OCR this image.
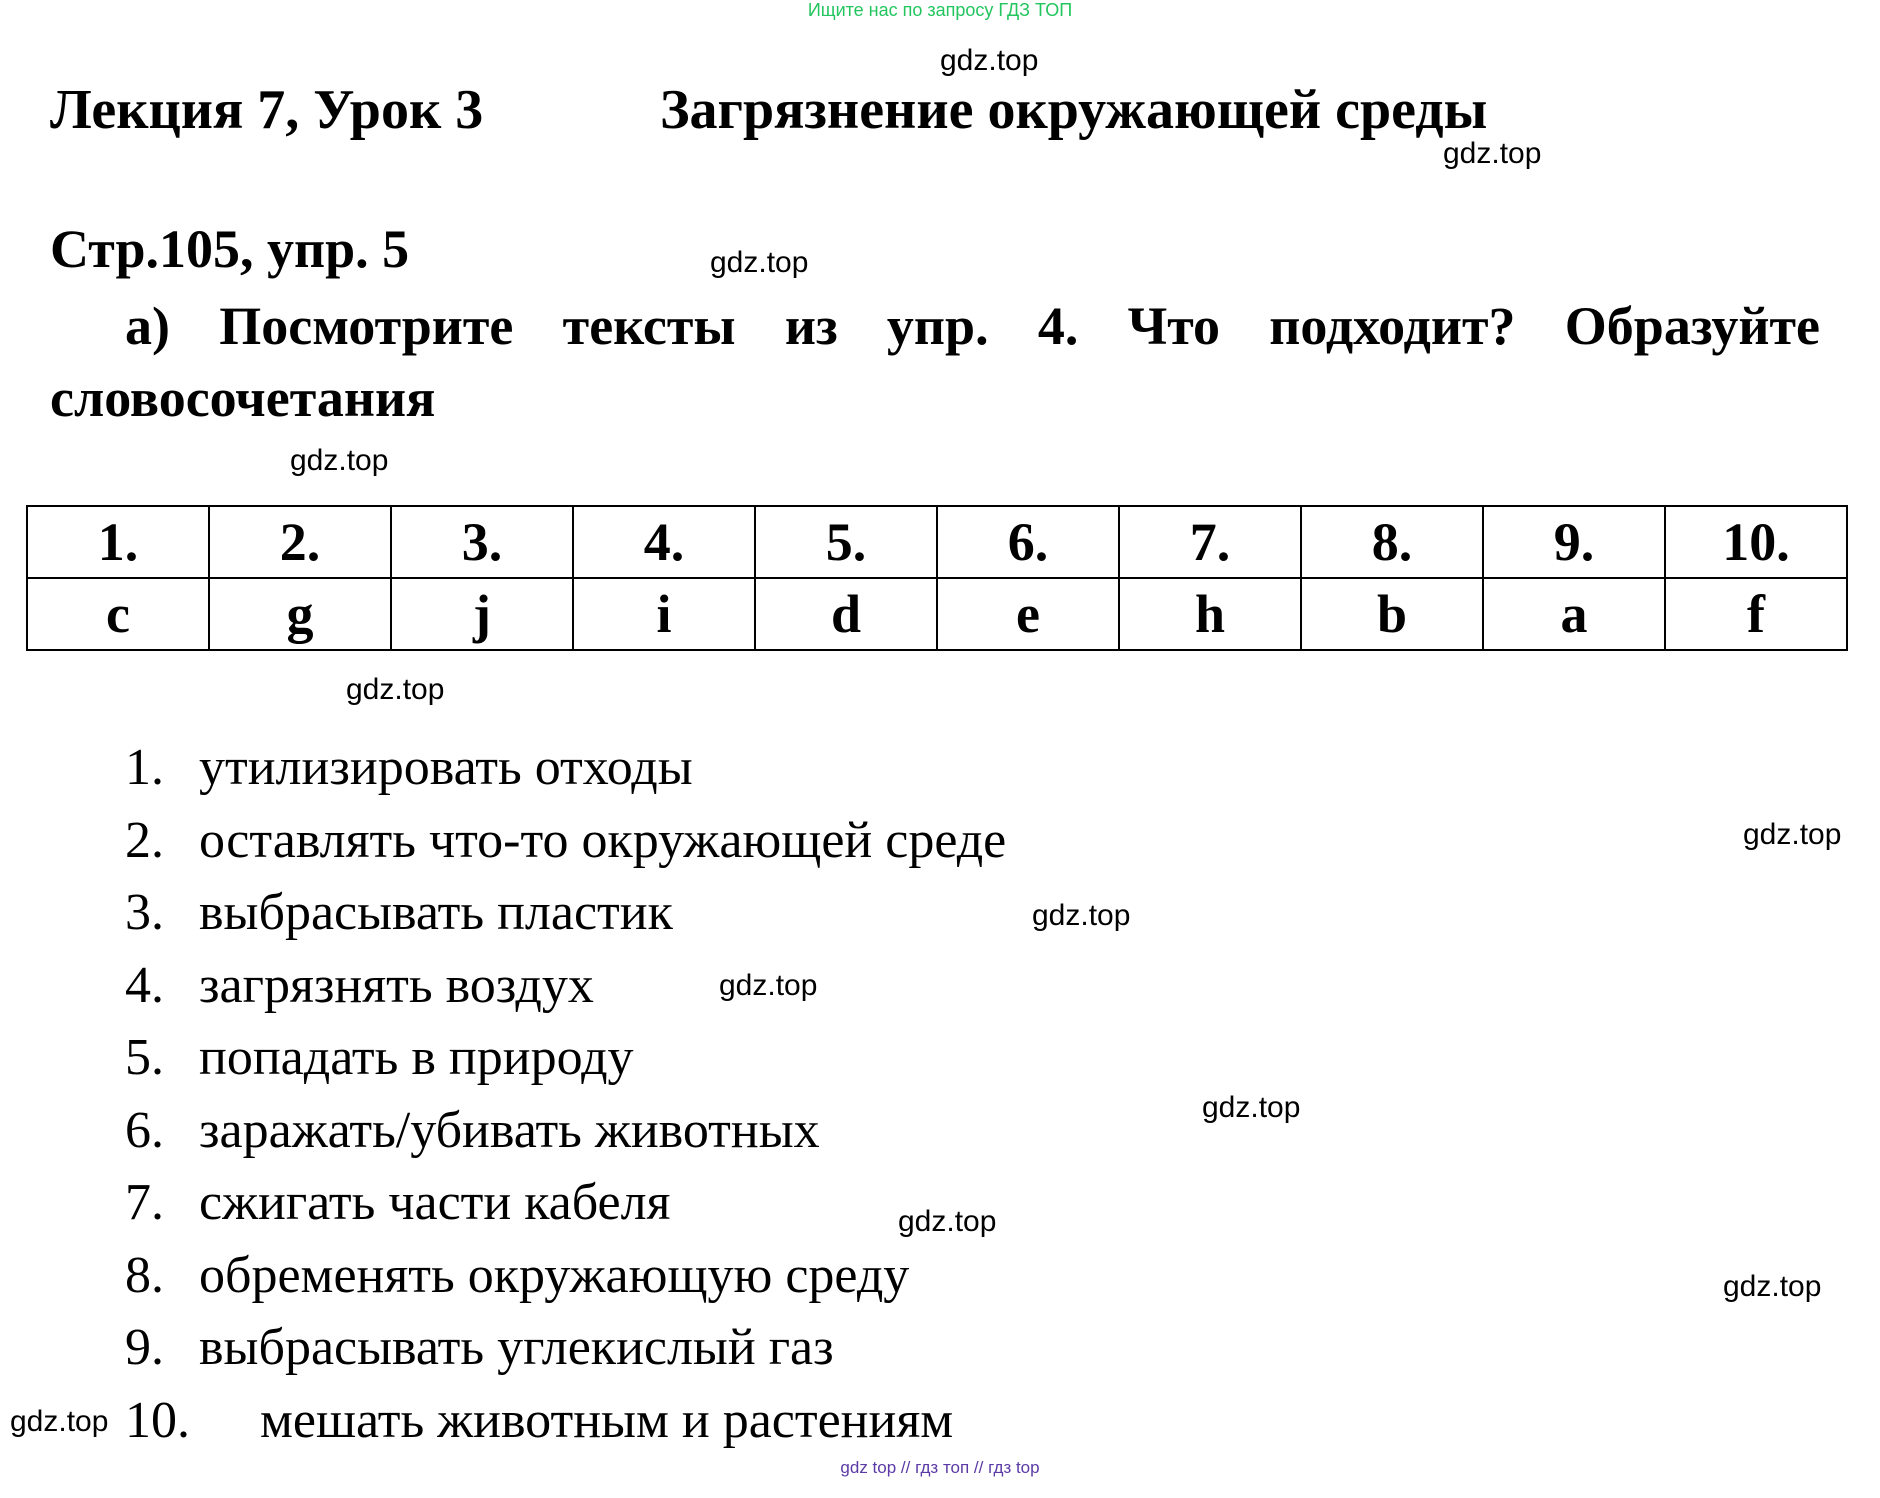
Ищите нас по запросу ГДЗ ТОП
Лекция 7, Урок 3	Загрязнение окружающей среды
Стр.105, упр. 5
а) Посмотрите тексты из упр. 4. Что подходит? Образуйте
словосочетания
1.	2.	3.	4.	5.	6.	7.	8.	9.	10.
c	g	j	i	d	e	h	b	a	f
1. утилизировать отходы
2. оставлять что-то окружающей среде
3. выбрасывать пластик
4. загрязнять воздух
5. попадать в природу
6. заражать/убивать животных
7. сжигать части кабеля
8. обременять окружающую среду
9. выбрасывать углекислый газ
10. мешать животным и растениям
gdz.top
gdz.top
gdz.top
gdz.top
gdz.top
gdz.top
gdz.top
gdz.top
gdz.top
gdz.top
gdz.top
gdz.top
gdz top // гдз топ // гдз top
